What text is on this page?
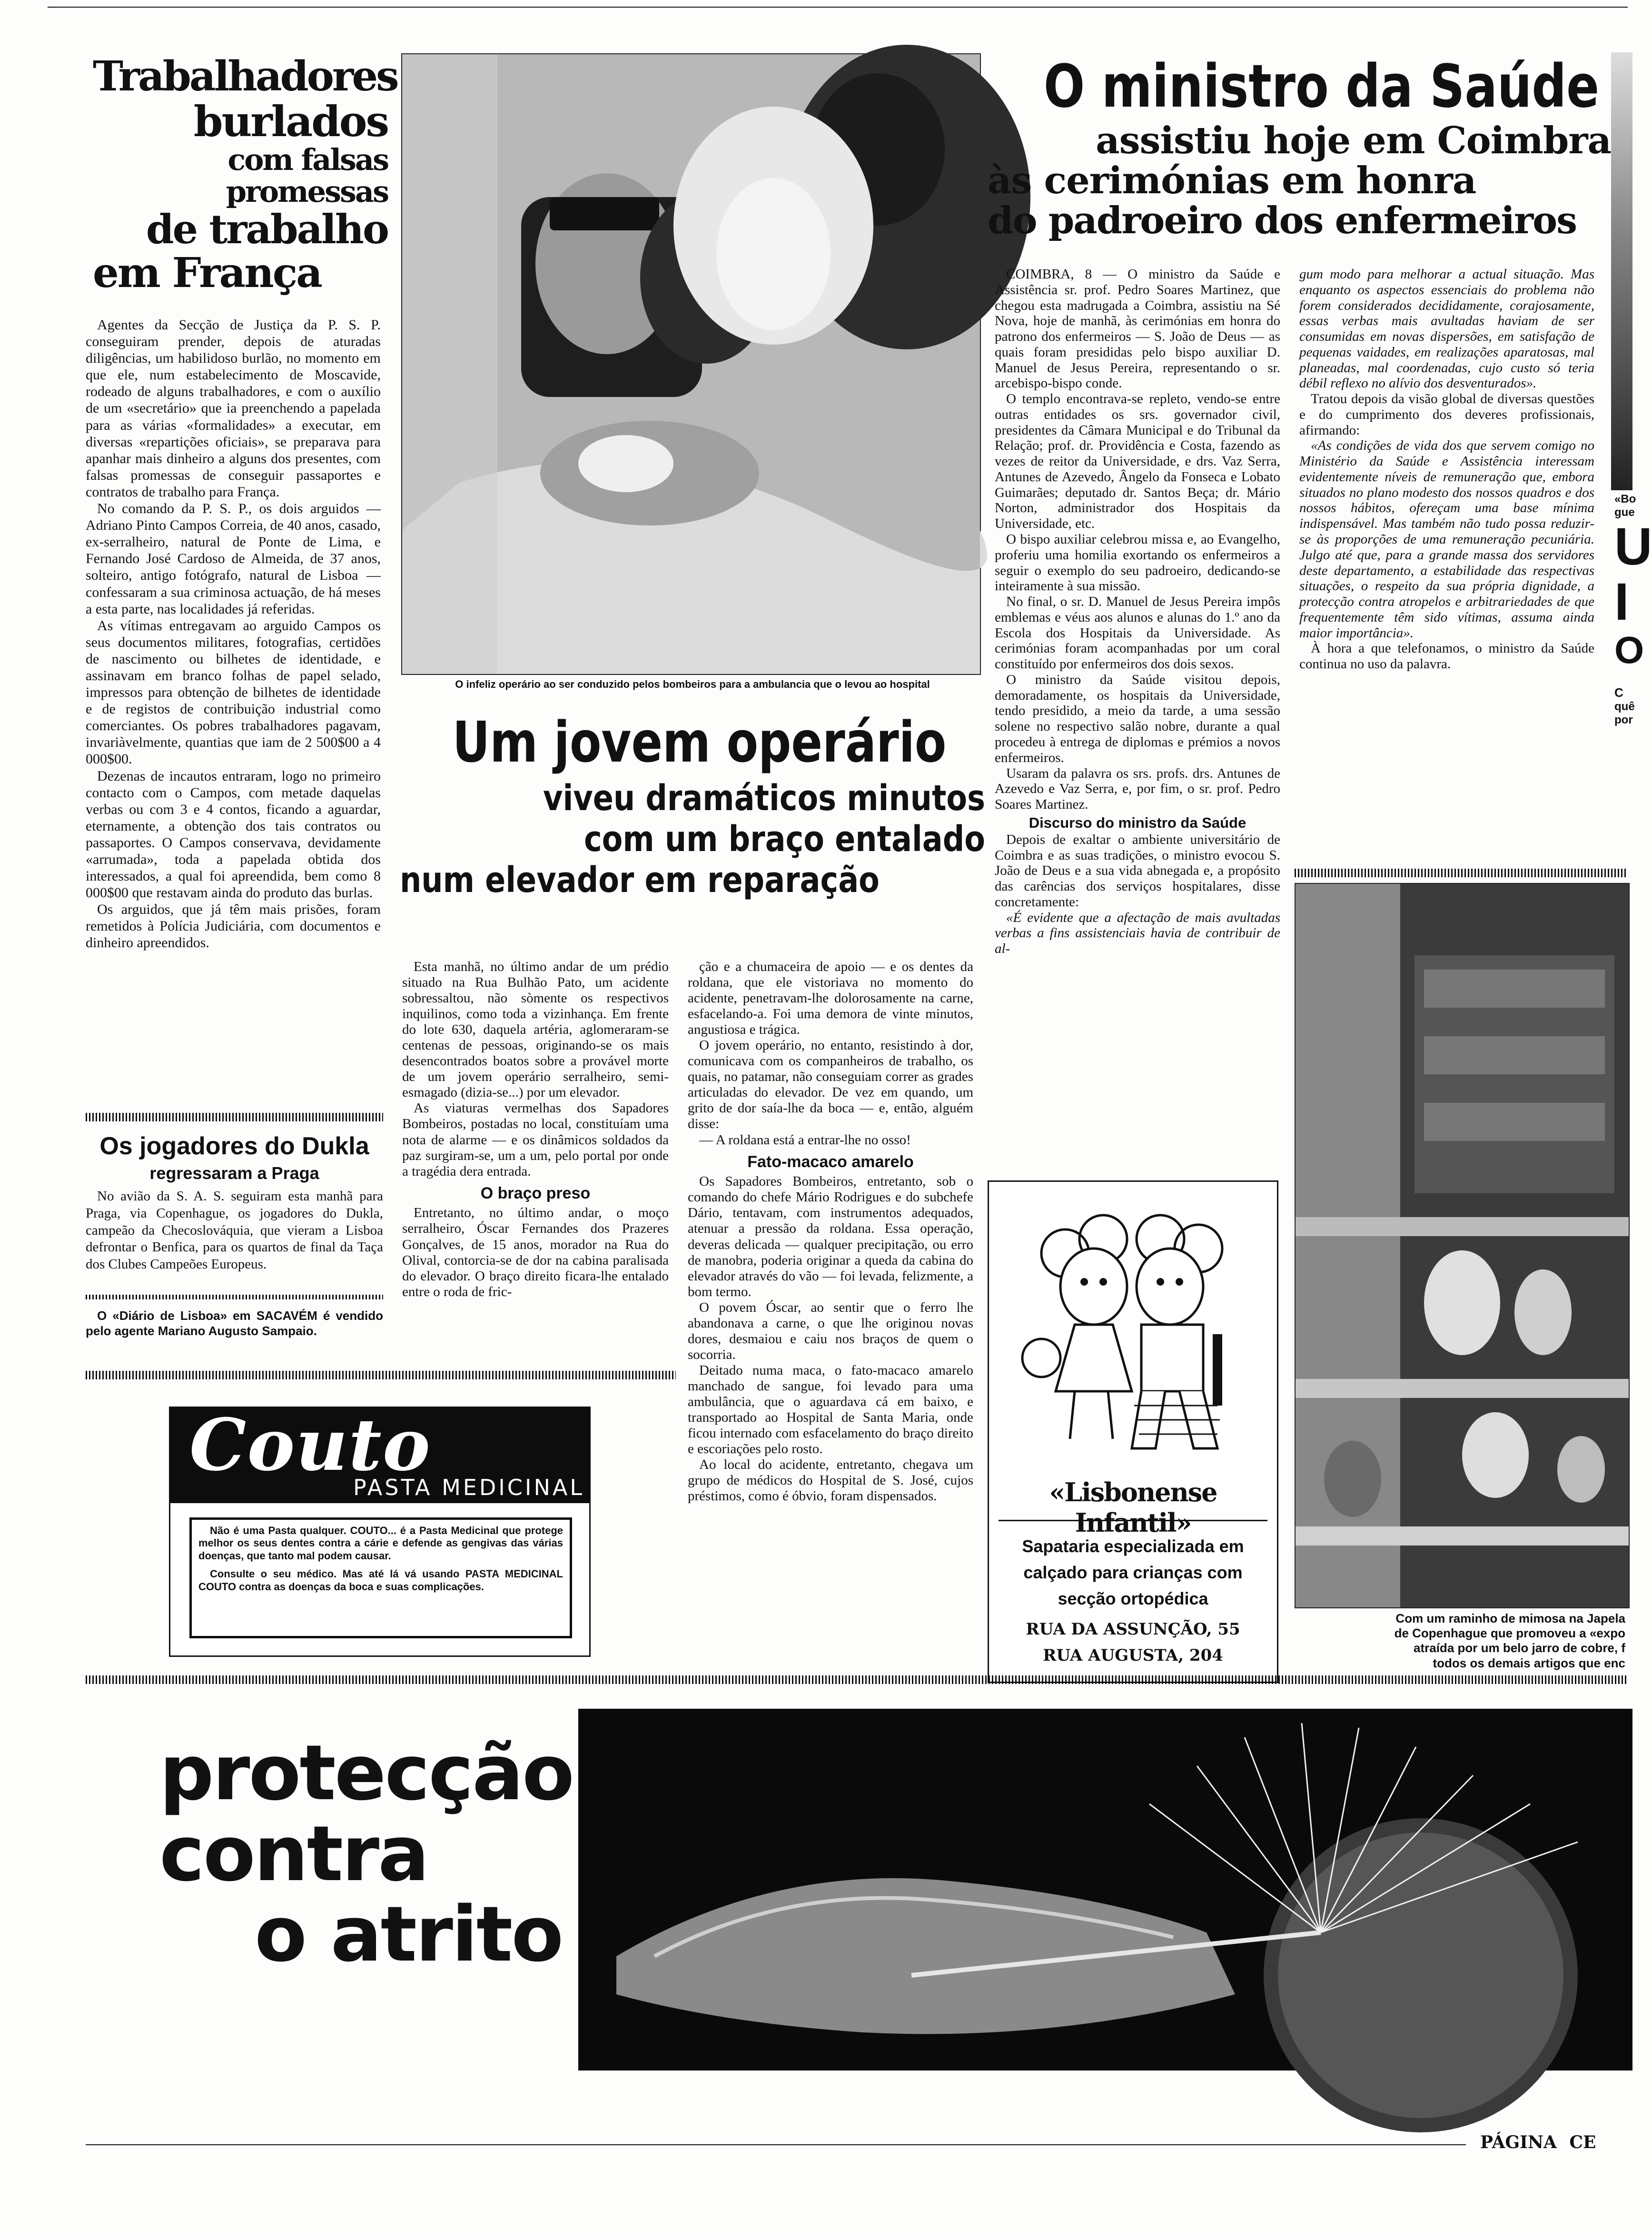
Trabalhadores
burlados
com falsas promessas
de trabalho
em França

Agentes da Secção de Justiça da P. S. P. conseguiram prender, depois de aturadas diligências, um habilidoso burlão, no momento em que ele, num estabelecimento de Moscavide, rodeado de alguns trabalhadores, e com o auxílio de um «secretário» que ia preenchendo a papelada para as várias «formalidades» a executar, em diversas «repartições oficiais», se preparava para apanhar mais dinheiro a alguns dos presentes, com falsas promessas de conseguir passaportes e contratos de trabalho para França.

No comando da P. S. P., os dois arguidos — Adriano Pinto Campos Correia, de 40 anos, casado, ex-serralheiro, natural de Ponte de Lima, e Fernando José Cardoso de Almeida, de 37 anos, solteiro, antigo fotógrafo, natural de Lisboa — confessaram a sua criminosa actuação, de há meses a esta parte, nas localidades já referidas.

As vítimas entregavam ao arguido Campos os seus documentos militares, fotografias, certidões de nascimento ou bilhetes de identidade, e assinavam em branco folhas de papel selado, impressos para obtenção de bilhetes de identidade e de registos de contribuição industrial como comerciantes. Os pobres trabalhadores pagavam, invariàvelmente, quantias que iam de 2 500$00 a 4 000$00.

Dezenas de incautos entraram, logo no primeiro contacto com o Campos, com metade daquelas verbas ou com 3 e 4 contos, ficando a aguardar, eternamente, a obtenção dos tais contratos ou passaportes. O Campos conservava, devidamente «arrumada», toda a papelada obtida dos interessados, a qual foi apreendida, bem como 8 000$00 que restavam ainda do produto das burlas.

Os arguidos, que já têm mais prisões, foram remetidos à Polícia Judiciária, com documentos e dinheiro apreendidos.

Os jogadores do Dukla
regressaram a Praga

No avião da S. A. S. seguiram esta manhã para Praga, via Copenhague, os jogadores do Dukla, campeão da Checoslováquia, que vieram a Lisboa defrontar o Benfica, para os quartos de final da Taça dos Clubes Campeões Europeus.

O «Diário de Lisboa» em SACAVÉM é vendido pelo agente Mariano Augusto Sampaio.

O infeliz operário ao ser conduzido pelos bombeiros para a ambulancia que o levou ao hospital
Um jovem operário
viveu dramáticos minutos
com um braço entalado
num elevador em reparação

Esta manhã, no último andar de um prédio situado na Rua Bulhão Pato, um acidente sobressaltou, não sòmente os respectivos inquilinos, como toda a vizinhança. Em frente do lote 630, daquela artéria, aglomeraram-se centenas de pessoas, originando-se os mais desencontrados boatos sobre a provável morte de um jovem operário serralheiro, semi-esmagado (dizia-se...) por um elevador.

As viaturas vermelhas dos Sapadores Bombeiros, postadas no local, constituíam uma nota de alarme — e os dinâmicos soldados da paz surgiram-se, um a um, pelo portal por onde a tragédia dera entrada.

O braço preso

Entretanto, no último andar, o moço serralheiro, Óscar Fernandes dos Prazeres Gonçalves, de 15 anos, morador na Rua do Olival, contorcia-se de dor na cabina paralisada do elevador. O braço direito ficara-lhe entalado entre o roda de fric-

ção e a chumaceira de apoio — e os dentes da roldana, que ele vistoriava no momento do acidente, penetravam-lhe dolorosamente na carne, esfacelando-a. Foi uma demora de vinte minutos, angustiosa e trágica.

O jovem operário, no entanto, resistindo à dor, comunicava com os companheiros de trabalho, os quais, no patamar, não conseguiam correr as grades articuladas do elevador. De vez em quando, um grito de dor saía-lhe da boca — e, então, alguém disse:

— A roldana está a entrar-lhe no osso!

Fato-macaco amarelo

Os Sapadores Bombeiros, entretanto, sob o comando do chefe Mário Rodrigues e do subchefe Dário, tentavam, com instrumentos adequados, atenuar a pressão da roldana. Essa operação, deveras delicada — qualquer precipitação, ou erro de manobra, poderia originar a queda da cabina do elevador através do vão — foi levada, felizmente, a bom termo.

O povem Óscar, ao sentir que o ferro lhe abandonava a carne, o que lhe originou novas dores, desmaiou e caiu nos braços de quem o socorria.

Deitado numa maca, o fato-macaco amarelo manchado de sangue, foi levado para uma ambulância, que o aguardava cá em baixo, e transportado ao Hospital de Santa Maria, onde ficou internado com esfacelamento do braço direito e escoriações pelo rosto.

Ao local do acidente, entretanto, chegava um grupo de médicos do Hospital de S. José, cujos préstimos, como é óbvio, foram dispensados.

Couto
PASTA MEDICINAL

Não é uma Pasta qualquer. COUTO... é a Pasta Medicinal que protege melhor os seus dentes contra a cárie e defende as gengivas das várias doenças, que tanto mal podem causar.

Consulte o seu médico. Mas até lá vá usando PASTA MEDICINAL COUTO contra as doenças da boca e suas complicações.

O ministro da Saúde
assistiu hoje em Coimbra
às cerimónias em honra
do padroeiro dos enfermeiros

COIMBRA, 8 — O ministro da Saúde e Assistência sr. prof. Pedro Soares Martinez, que chegou esta madrugada a Coimbra, assistiu na Sé Nova, hoje de manhã, às cerimónias em honra do patrono dos enfermeiros — S. João de Deus — as quais foram presididas pelo bispo auxiliar D. Manuel de Jesus Pereira, representando o sr. arcebispo-bispo conde.

O templo encontrava-se repleto, vendo-se entre outras entidades os srs. governador civil, presidentes da Câmara Municipal e do Tribunal da Relação; prof. dr. Providência e Costa, fazendo as vezes de reitor da Universidade, e drs. Vaz Serra, Antunes de Azevedo, Ângelo da Fonseca e Lobato Guimarães; deputado dr. Santos Beça; dr. Mário Norton, administrador dos Hospitais da Universidade, etc.

O bispo auxiliar celebrou missa e, ao Evangelho, proferiu uma homilia exortando os enfermeiros a seguir o exemplo do seu padroeiro, dedicando-se inteiramente à sua missão.

No final, o sr. D. Manuel de Jesus Pereira impôs emblemas e véus aos alunos e alunas do 1.º ano da Escola dos Hospitais da Universidade. As cerimónias foram acompanhadas por um coral constituído por enfermeiros dos dois sexos.

O ministro da Saúde visitou depois, demoradamente, os hospitais da Universidade, tendo presidido, a meio da tarde, a uma sessão solene no respectivo salão nobre, durante a qual procedeu à entrega de diplomas e prémios a novos enfermeiros.

Usaram da palavra os srs. profs. drs. Antunes de Azevedo e Vaz Serra, e, por fim, o sr. prof. Pedro Soares Martinez.

Discurso do ministro da Saúde

Depois de exaltar o ambiente universitário de Coimbra e as suas tradições, o ministro evocou S. João de Deus e a sua vida abnegada e, a propósito das carências dos serviços hospitalares, disse concretamente:

«É evidente que a afectação de mais avultadas verbas a fins assistenciais havia de contribuir de al-

gum modo para melhorar a actual situação. Mas enquanto os aspectos essenciais do problema não forem considerados decididamente, corajosamente, essas verbas mais avultadas haviam de ser consumidas em novas dispersões, em satisfação de pequenas vaidades, em realizações aparatosas, mal planeadas, mal coordenadas, cujo custo só teria débil reflexo no alívio dos desventurados».

Tratou depois da visão global de diversas questões e do cumprimento dos deveres profissionais, afirmando:

«As condições de vida dos que servem comigo no Ministério da Saúde e Assistência interessam evidentemente níveis de remuneração que, embora situados no plano modesto dos nossos quadros e dos nossos hábitos, ofereçam uma base mínima indispensável. Mas também não tudo possa reduzir-se às proporções de uma remuneração pecuniária. Julgo até que, para a grande massa dos servidores deste departamento, a estabilidade das respectivas situações, o respeito da sua própria dignidade, a protecção contra atropelos e arbitrariedades de que frequentemente têm sido vítimas, assuma ainda maior importância».

À hora a que telefonamos, o ministro da Saúde continua no uso da palavra.

«Lisbonense Infantil»
Sapataria especializada em
calçado para crianças com
secção ortopédica
RUA DA ASSUNÇÃO, 55
RUA AUGUSTA, 204
Com um raminho de mimosa na Japela
de Copenhague que promoveu a «expo
atraída por um belo jarro de cobre, f
todos os demais artigos que enc
«Bo
gue
U
I
O
C
quê
por
protecção
contra
o atrito
PÁGINA CE
